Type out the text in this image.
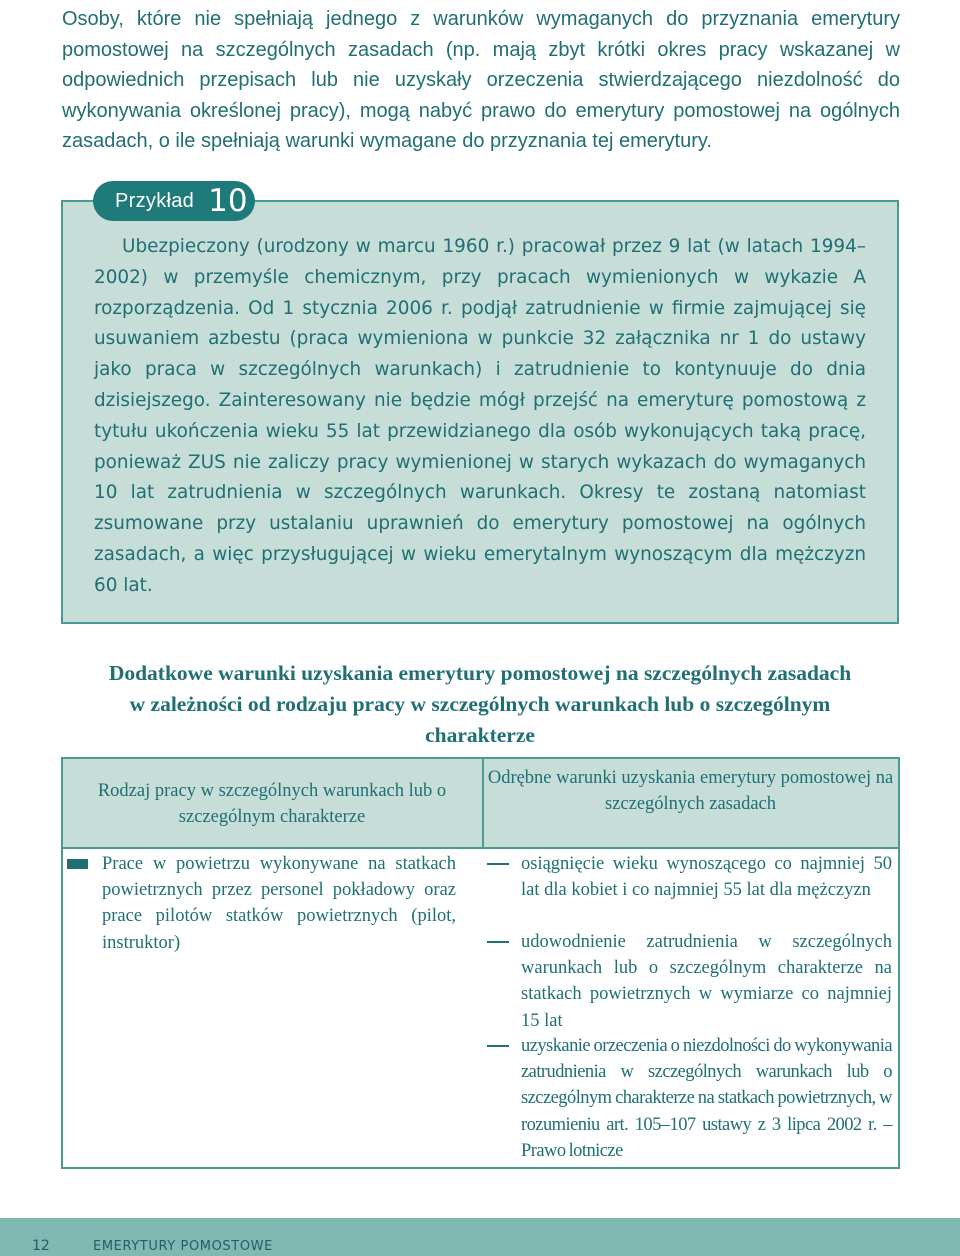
Osoby, które nie spełniają jednego z warunków wymaganych do przyznania emerytury pomostowej na szczególnych zasadach (np. mają zbyt krótki okres pracy wskazanej w odpowiednich przepisach lub nie uzyskały orzeczenia stwierdzającego niezdolność do wykonywania określonej pracy), mogą nabyć prawo do emerytury pomostowej na ogólnych zasadach, o ile spełniają warunki wymagane do przyznania tej emerytury.

Przykład 10

Ubezpieczony (urodzony w marcu 1960 r.) pracował przez 9 lat (w latach 1994–2002) w przemyśle chemicznym, przy pracach wymienionych w wykazie A rozporządzenia. Od 1 stycznia 2006 r. podjął zatrudnienie w firmie zajmującej się usuwaniem azbestu (praca wymieniona w punkcie 32 załącznika nr 1 do ustawy jako praca w szczególnych warunkach) i zatrudnienie to kontynuuje do dnia dzisiejszego. Zainteresowany nie będzie mógł przejść na emeryturę pomostową z tytułu ukończenia wieku 55 lat przewidzianego dla osób wykonujących taką pracę, ponieważ ZUS nie zaliczy pracy wymienionej w starych wykazach do wymaganych 10 lat zatrudnienia w szczególnych warunkach. Okresy te zostaną natomiast zsumowane przy ustalaniu uprawnień do emerytury pomostowej na ogólnych zasadach, a więc przysługującej w wieku emerytalnym wynoszącym dla mężczyzn 60 lat.

Dodatkowe warunki uzyskania emerytury pomostowej na szczególnych zasadach w zależności od rodzaju pracy w szczególnych warunkach lub o szczególnym charakterze

Rodzaj pracy w szczególnych warunkach lub o szczególnym charakterze

Odrębne warunki uzyskania emerytury pomostowej na szczególnych zasadach

Prace w powietrzu wykonywane na statkach powietrznych przez personel pokładowy oraz prace pilotów statków powietrznych (pilot, instruktor)

osiągnięcie wieku wynoszącego co najmniej 50 lat dla kobiet i co najmniej 55 lat dla mężczyzn

udowodnienie zatrudnienia w szczególnych warunkach lub o szczególnym charakterze na statkach powietrznych w wymiarze co najmniej 15 lat

uzyskanie orzeczenia o niezdolności do wykonywania zatrudnienia w szczególnych warunkach lub o szczególnym charakterze na statkach powietrznych, w rozumieniu art. 105–107 ustawy z 3 lipca 2002 r. – Prawo lotnicze

12	EMERYTURY POMOSTOWE
